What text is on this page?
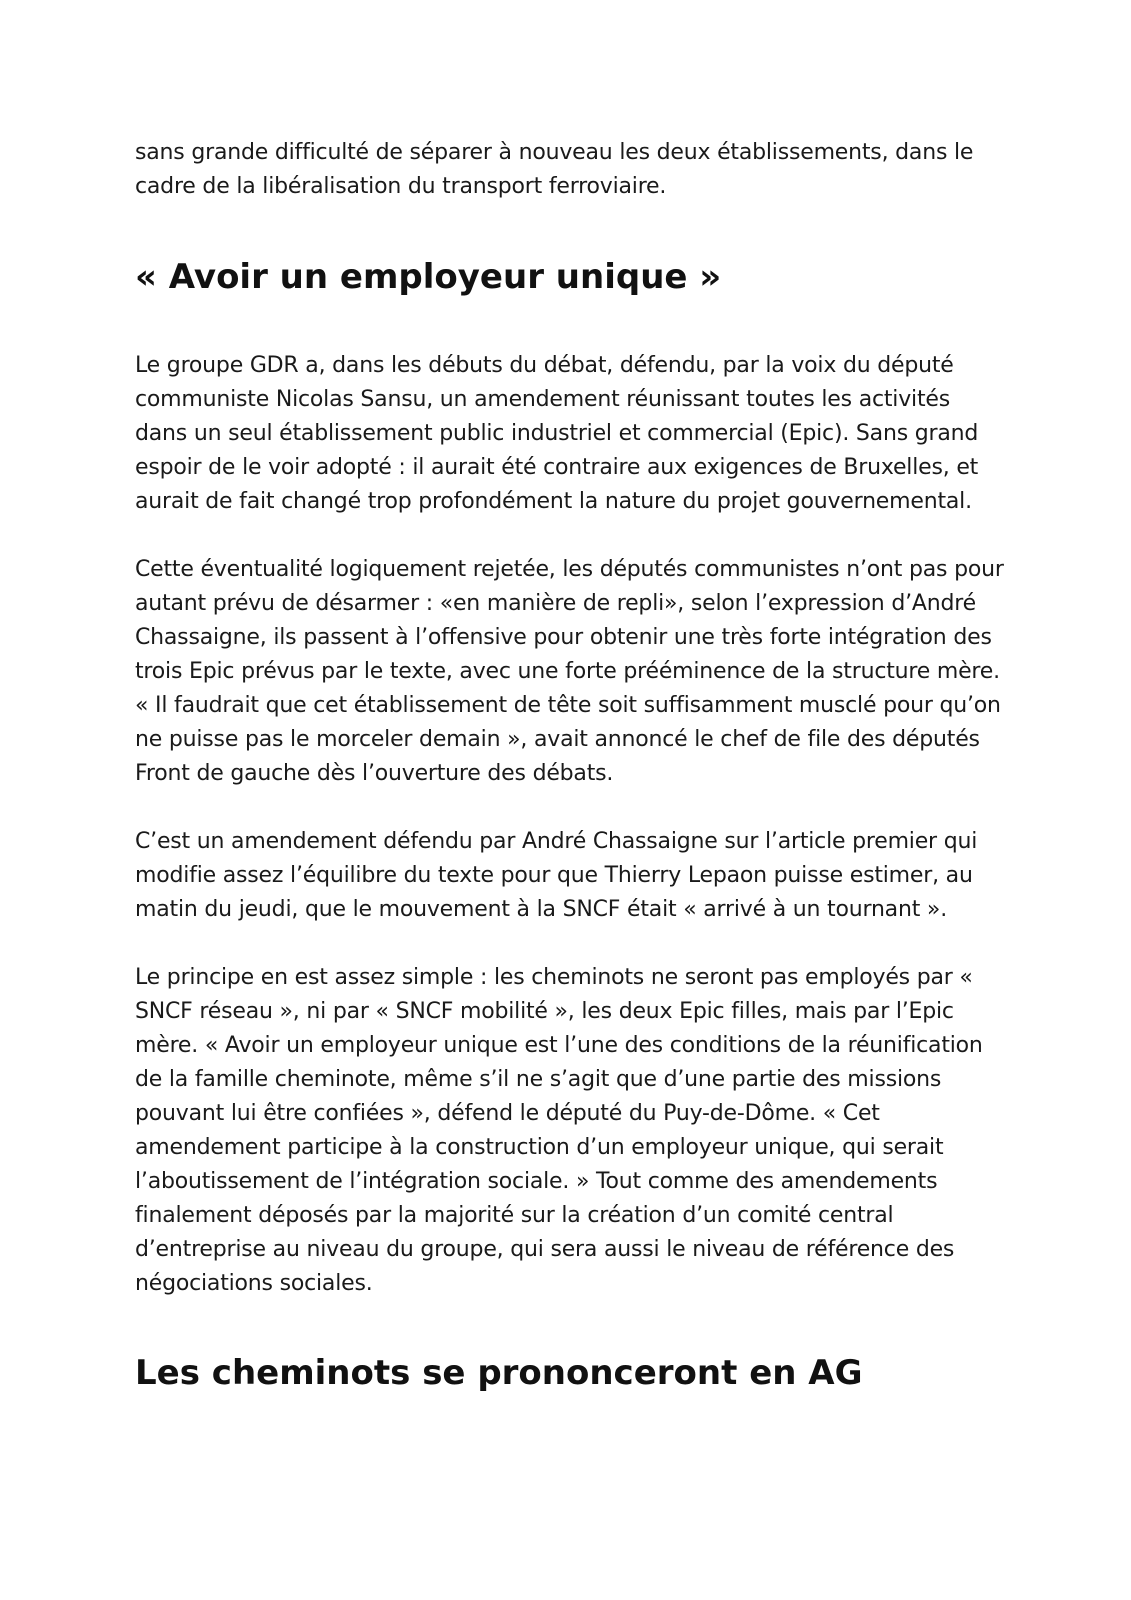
sans grande difficulté de séparer à nouveau les deux établissements, dans le cadre de la libéralisation du transport ferroviaire.

« Avoir un employeur unique »

Le groupe GDR a, dans les débuts du débat, défendu, par la voix du député communiste Nicolas Sansu, un amendement réunissant toutes les activités dans un seul établissement public industriel et commercial (Epic). Sans grand espoir de le voir adopté : il aurait été contraire aux exigences de Bruxelles, et aurait de fait changé trop profondément la nature du projet gouvernemental.

Cette éventualité logiquement rejetée, les députés communistes n’ont pas pour autant prévu de désarmer : «en manière de repli», selon l’expression d’André Chassaigne, ils passent à l’offensive pour obtenir une très forte intégration des trois Epic prévus par le texte, avec une forte prééminence de la structure mère. « Il faudrait que cet établissement de tête soit suffisamment musclé pour qu’on ne puisse pas le morceler demain », avait annoncé le chef de file des députés Front de gauche dès l’ouverture des débats.

C’est un amendement défendu par André Chassaigne sur l’article premier qui modifie assez l’équilibre du texte pour que Thierry Lepaon puisse estimer, au matin du jeudi, que le mouvement à la SNCF était « arrivé à un tournant ».

Le principe en est assez simple : les cheminots ne seront pas employés par « SNCF réseau », ni par « SNCF mobilité », les deux Epic filles, mais par l’Epic mère. « Avoir un employeur unique est l’une des conditions de la réunification de la famille cheminote, même s’il ne s’agit que d’une partie des missions pouvant lui être confiées », défend le député du Puy-de-Dôme. « Cet amendement participe à la construction d’un employeur unique, qui serait l’aboutissement de l’intégration sociale. » Tout comme des amendements finalement déposés par la majorité sur la création d’un comité central d’entreprise au niveau du groupe, qui sera aussi le niveau de référence des négociations sociales.

Les cheminots se prononceront en AG
